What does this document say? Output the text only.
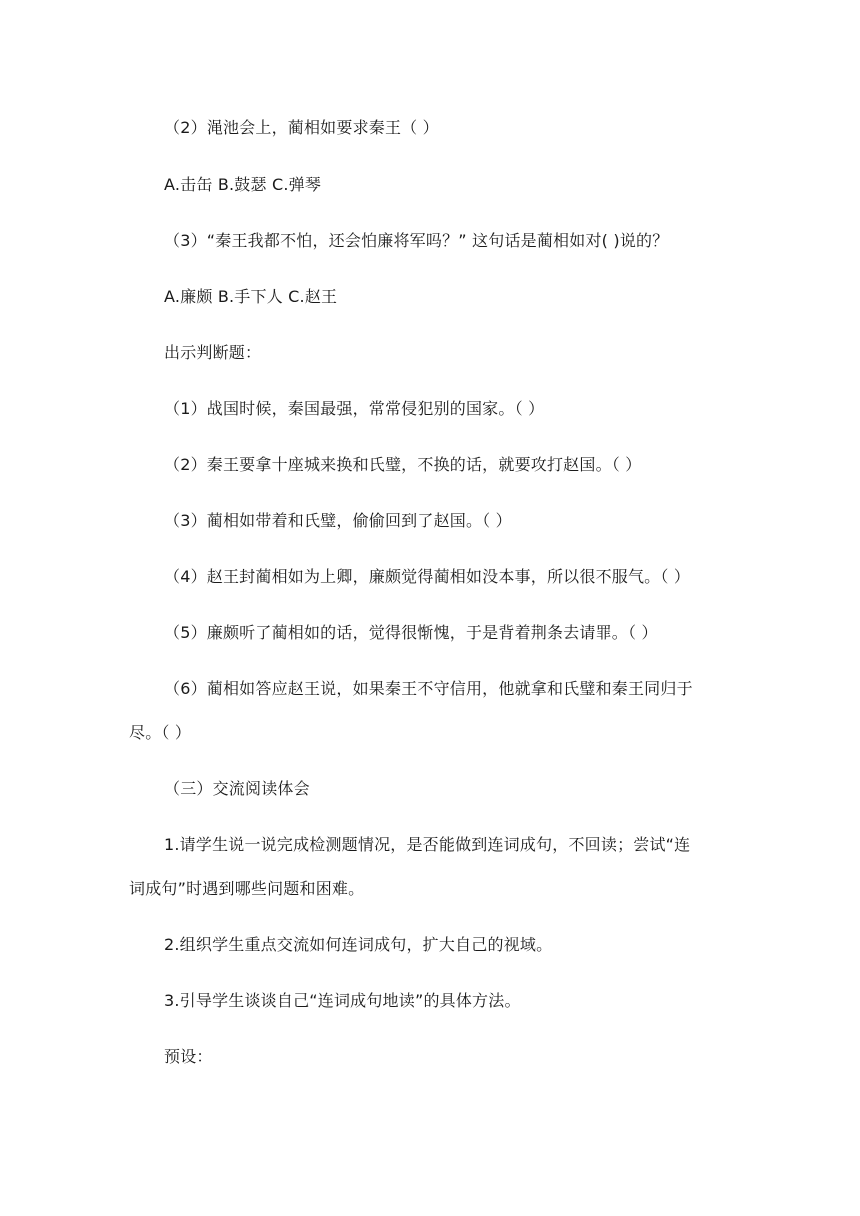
（2）渑池会上，蔺相如要求秦王（ ）
A.击缶 B.鼓瑟 C.弹琴
（3）“秦王我都不怕，还会怕廉将军吗？” 这句话是蔺相如对( )说的？
A.廉颇 B.手下人 C.赵王
出示判断题：
（1）战国时候，秦国最强，常常侵犯别的国家。（ ）
（2）秦王要拿十座城来换和氏璧，不换的话，就要攻打赵国。（ ）
（3）蔺相如带着和氏璧，偷偷回到了赵国。（ ）
（4）赵王封蔺相如为上卿，廉颇觉得蔺相如没本事，所以很不服气。（ ）
（5）廉颇听了蔺相如的话，觉得很惭愧，于是背着荆条去请罪。（ ）
（6）蔺相如答应赵王说，如果秦王不守信用，他就拿和氏璧和秦王同归于
尽。（ ）
（三）交流阅读体会
1.请学生说一说完成检测题情况，是否能做到连词成句，不回读；尝试“连
词成句”时遇到哪些问题和困难。
2.组织学生重点交流如何连词成句，扩大自己的视域。
3.引导学生谈谈自己“连词成句地读”的具体方法。
预设：
